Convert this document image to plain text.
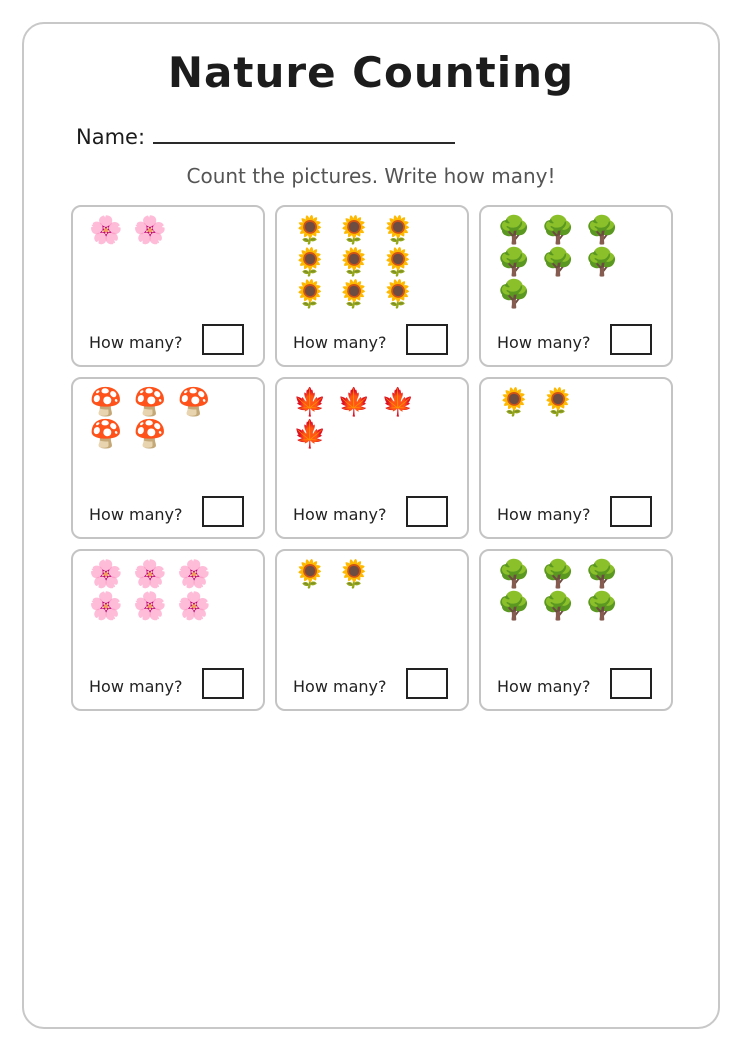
Nature Counting
Name:
Count the pictures. Write how many!
🌸 🌸
How many?
🌻 🌻 🌻
🌻 🌻 🌻
🌻 🌻 🌻
How many?
🌳 🌳 🌳
🌳 🌳 🌳
🌳
How many?
🍄 🍄 🍄
🍄 🍄
How many?
🍁 🍁 🍁
🍁
How many?
🌻 🌻
How many?
🌸 🌸 🌸
🌸 🌸 🌸
How many?
🌻 🌻
How many?
🌳 🌳 🌳
🌳 🌳 🌳
How many?
